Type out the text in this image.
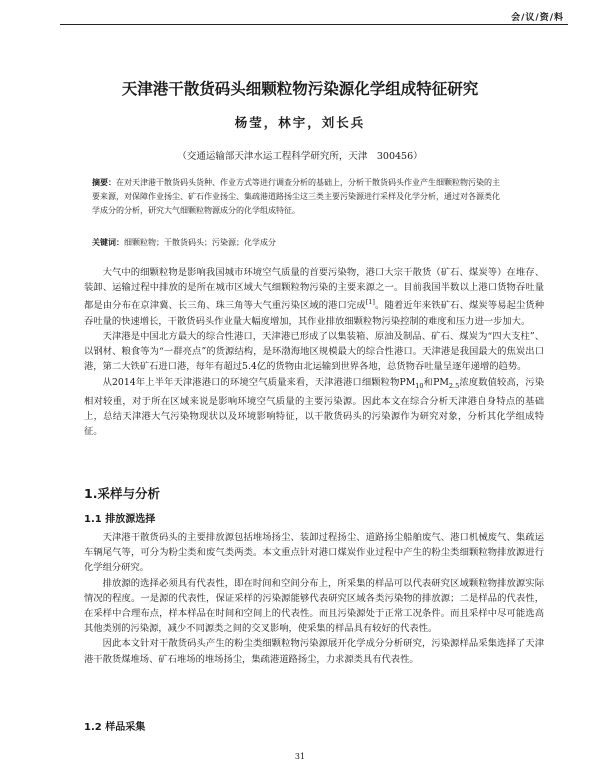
会/议/资/料
天津港干散货码头细颗粒物污染源化学组成特征研究
杨莹，林宇，刘长兵
（交通运输部天津水运工程科学研究所，天津　300456）
摘要：在对天津港干散货码头货种、作业方式等进行调查分析的基础上，分析干散货码头作业产生细颗粒物污染的主要来源，对保障作业扬尘、矿石作业扬尘、集疏港道路扬尘这三类主要污染源进行采样及化学分析，通过对各源类化学成分的分析，研究大气细颗粒物源成分的化学组成特征。
关键词：细颗粒物；干散货码头；污染源；化学成分

大气中的细颗粒物是影响我国城市环境空气质量的首要污染物，港口大宗干散货（矿石、煤炭等）在堆存、装卸、运输过程中排放的是所在城市区域大气细颗粒物污染的主要来源之一。目前我国半数以上港口货物吞吐量都是由分布在京津冀、长三角、珠三角等大气重污染区域的港口完成[1]。随着近年来铁矿石、煤炭等易起尘货种吞吐量的快速增长，干散货码头作业量大幅度增加，其作业排放细颗粒物污染控制的难度和压力进一步加大。

天津港是中国北方最大的综合性港口，天津港已形成了以集装箱、原油及制品、矿石、煤炭为“四大支柱”、以钢材、粮食等为“一群亮点”的货源结构，是环渤海地区规模最大的综合性港口。天津港是我国最大的焦炭出口港，第二大铁矿石进口港，每年有超过5.4亿的货物由北运输到世界各地，总货物吞吐量呈逐年递增的趋势。

从2014年上半年天津港港口的环境空气质量来看，天津港港口细颗粒物$PM_{10}$和$PM_{2.5}$浓度数值较高，污染相对较重，对于所在区域来说是影响环境空气质量的主要污染源。因此本文在综合分析天津港自身特点的基础上，总结天津港大气污染物现状以及环境影响特征，以干散货码头的污染源作为研究对象，分析其化学组成特征。

1.采样与分析
1.1 排放源选择

天津港干散货码头的主要排放源包括堆场扬尘、装卸过程扬尘、道路扬尘船舶废气、港口机械废气、集疏运车辆尾气等，可分为粉尘类和废气类两类。本文重点针对港口煤炭作业过程中产生的粉尘类细颗粒物排放源进行化学组分研究。

排放源的选择必须具有代表性，即在时间和空间分布上，所采集的样品可以代表研究区域颗粒物排放源实际情况的程度。一是源的代表性，保证采样的污染源能够代表研究区域各类污染物的排放源；二是样品的代表性，在采样中合理布点，样本样品在时间和空间上的代表性。而且污染源处于正常工况条件。而且采样中尽可能选高其他类别的污染源，减少不同源类之间的交叉影响，使采集的样品具有较好的代表性。

因此本文针对干散货码头产生的粉尘类细颗粒物污染源展开化学成分分析研究，污染源样品采集选择了天津港干散货煤堆场、矿石堆场的堆场扬尘，集疏港道路扬尘，力求源类具有代表性。

1.2 样品采集
31
